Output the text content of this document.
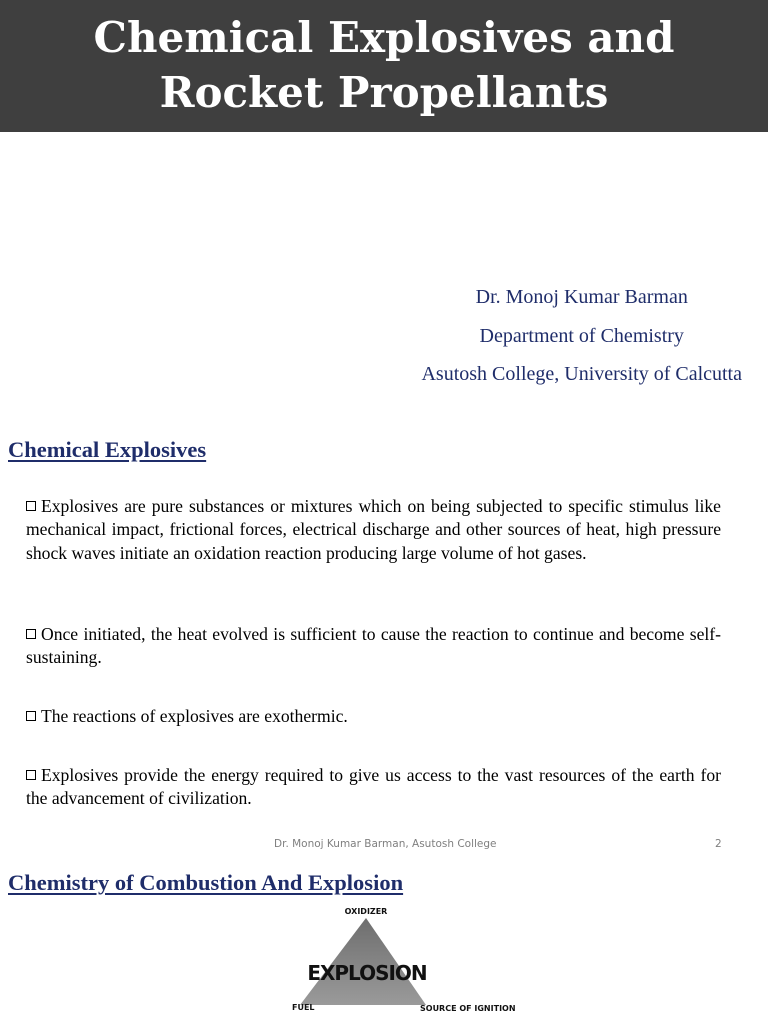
Chemical Explosives and
Rocket Propellants
Dr. Monoj Kumar Barman
Department of Chemistry
Asutosh College, University of Calcutta
Chemical Explosives
Explosives are pure substances or mixtures which on being subjected to specific stimulus like mechanical impact, frictional forces, electrical discharge and other sources of heat, high pressure shock waves initiate an oxidation reaction producing large volume of hot gases.
Once initiated, the heat evolved is sufficient to cause the reaction to continue and become self-sustaining.
The reactions of explosives are exothermic.
Explosives provide the energy required to give us access to the vast resources of the earth for the advancement of civilization.
Dr. Monoj Kumar Barman, Asutosh College	2
Chemistry of Combustion And Explosion
OXIDIZER
EXPLOSION
FUEL	SOURCE OF IGNITION
